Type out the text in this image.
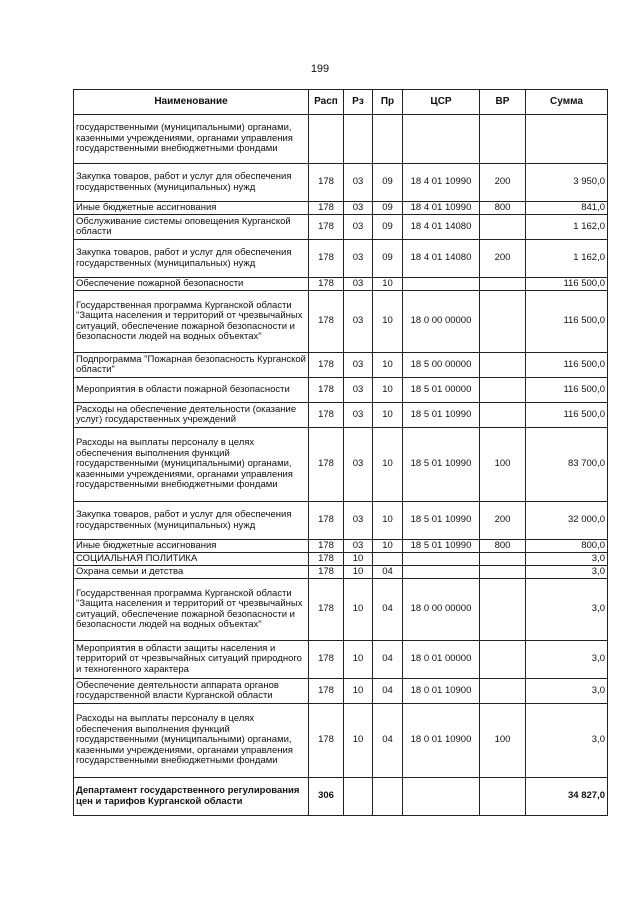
199
Наименование	Расп	Рз	Пр	ЦСР	ВР	Сумма
государственными (муниципальными) органами, казенными учреждениями, органами управления государственными внебюджетными фондами						
Закупка товаров, работ и услуг для обеспечения государственных (муниципальных) нужд	178	03	09	18 4 01 10990	200	3 950,0
Иные бюджетные ассигнования	178	03	09	18 4 01 10990	800	841,0
Обслуживание системы оповещения Курганской области	178	03	09	18 4 01 14080		1 162,0
Закупка товаров, работ и услуг для обеспечения государственных (муниципальных) нужд	178	03	09	18 4 01 14080	200	1 162,0
Обеспечение пожарной безопасности	178	03	10			116 500,0
Государственная программа Курганской области "Защита населения и территорий от чрезвычайных ситуаций, обеспечение пожарной безопасности и безопасности людей на водных объектах"	178	03	10	18 0 00 00000		116 500,0
Подпрограмма "Пожарная безопасность Курганской области"	178	03	10	18 5 00 00000		116 500,0
Мероприятия в области пожарной безопасности	178	03	10	18 5 01 00000		116 500,0
Расходы на обеспечение деятельности (оказание услуг) государственных учреждений	178	03	10	18 5 01 10990		116 500,0
Расходы на выплаты персоналу в целях обеспечения выполнения функций государственными (муниципальными) органами, казенными учреждениями, органами управления государственными внебюджетными фондами	178	03	10	18 5 01 10990	100	83 700,0
Закупка товаров, работ и услуг для обеспечения государственных (муниципальных) нужд	178	03	10	18 5 01 10990	200	32 000,0
Иные бюджетные ассигнования	178	03	10	18 5 01 10990	800	800,0
СОЦИАЛЬНАЯ ПОЛИТИКА	178	10				3,0
Охрана семьи и детства	178	10	04			3,0
Государственная программа Курганской области "Защита населения и территорий от чрезвычайных ситуаций, обеспечение пожарной безопасности и безопасности людей на водных объектах"	178	10	04	18 0 00 00000		3,0
Мероприятия в области защиты населения и территорий от чрезвычайных ситуаций природного и техногенного характера	178	10	04	18 0 01 00000		3,0
Обеспечение деятельности аппарата органов государственной власти Курганской области	178	10	04	18 0 01 10900		3,0
Расходы на выплаты персоналу в целях обеспечения выполнения функций государственными (муниципальными) органами, казенными учреждениями, органами управления государственными внебюджетными фондами	178	10	04	18 0 01 10900	100	3,0
Департамент государственного регулирования цен и тарифов Курганской области	306					34 827,0
